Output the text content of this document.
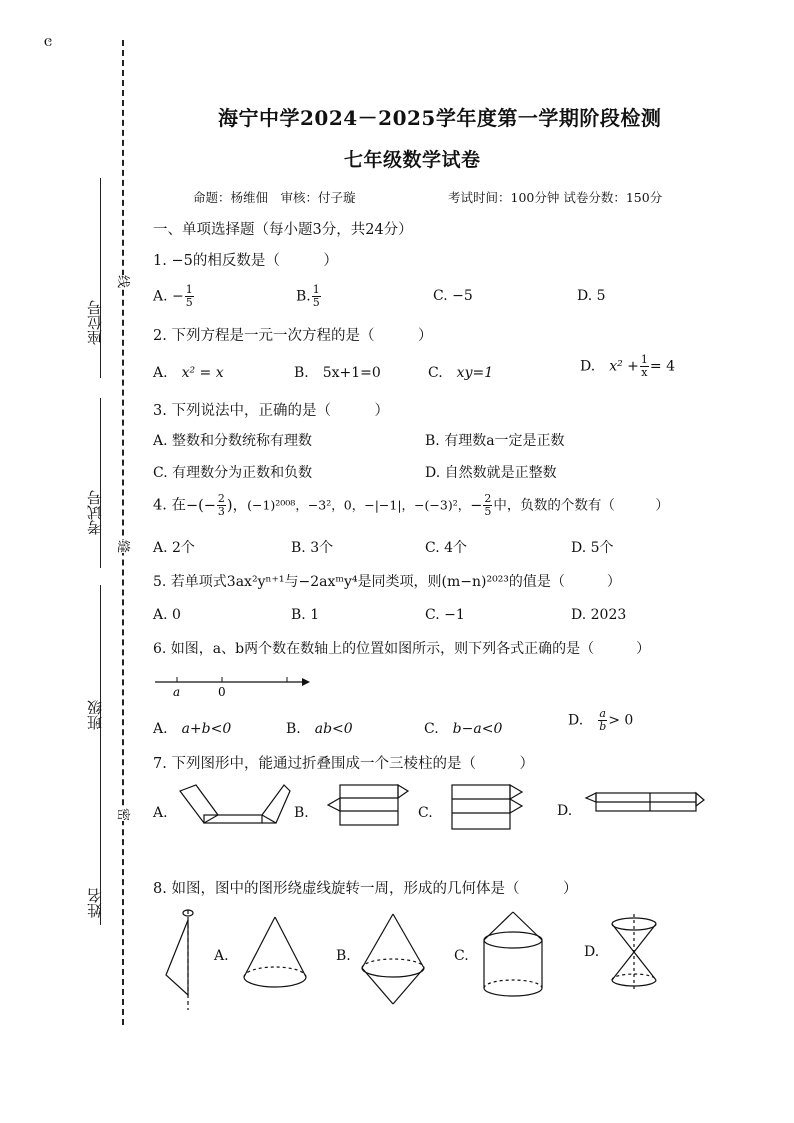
ಲ
线
缝
密
座位号
考试号
班级
姓名
海宁中学2024－2025学年度第一学期阶段检测
七年级数学试卷
命题：杨维佃　审核：付子璇	考试时间：100分钟 试卷分数：150分
一、单项选择题（每小题3分，共24分）
1. −5的相反数是（　　　）
A. − $\frac{1}{5}$	B. $\frac{1}{5}$	C. −5	D. 5
2. 下列方程是一元一次方程的是（　　　）
A.　 x² = x	B.　5x+1=0	C.　 xy=1	D.　 $x^2 + \frac{1}{x} = 4$
3. 下列说法中，正确的是（　　　）
A. 整数和分数统称有理数	B. 有理数a一定是正数
C. 有理数分为正数和负数	D. 自然数就是正整数
4. 在−(− $\frac{2}{3}$ )，(−1)²⁰⁰⁸，−3²，0，−|−1|，−(−3)²，− $\frac{2}{5}$ 中，负数的个数有（　　　）
A. 2个	B. 3个	C. 4个	D. 5个
5. 若单项式3ax²yⁿ⁺¹与−2axᵐy⁴是同类项，则(m−n)²⁰²³的值是（　　　）
A. 0	B. 1	C. −1	D. 2023
6. 如图，a、b两个数在数轴上的位置如图所示，则下列各式正确的是（　　　）
a	0
A.　 a+b<0	B.　 ab<0	C.　 b−a<0
D.　 $\frac{a}{b} > 0$
7. 下列图形中，能通过折叠围成一个三棱柱的是（　　　）
A.	B.	C.	D.
8. 如图，图中的图形绕虚线旋转一周，形成的几何体是（　　　）
A.	B.	C.	D.
